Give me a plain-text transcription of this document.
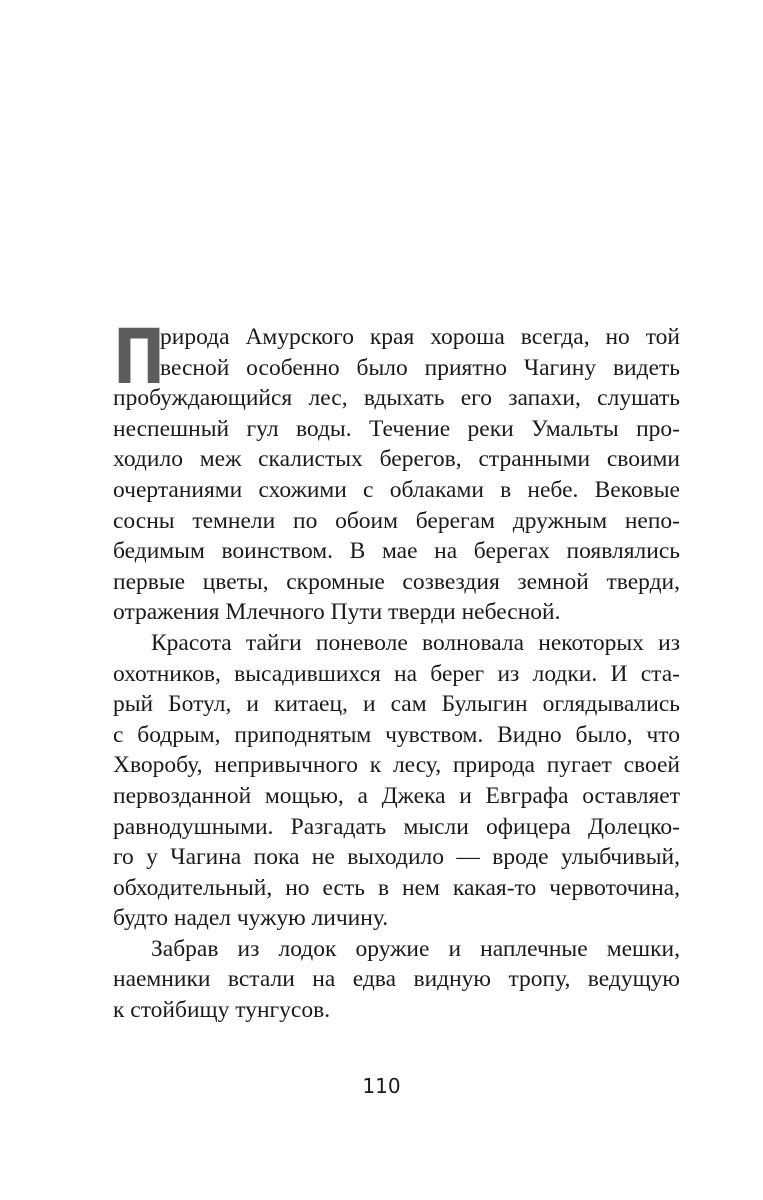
П
рирода Амурского края хороша всегда, но той
весной особенно было приятно Чагину видеть
пробуждающийся лес, вдыхать его запахи, слушать
неспешный гул воды. Течение реки Умальты про-
ходило меж скалистых берегов, странными своими
очертаниями схожими с облаками в небе. Вековые
сосны темнели по обоим берегам дружным непо-
бедимым воинством. В мае на берегах появлялись
первые цветы, скромные созвездия земной тверди,
отражения Млечного Пути тверди небесной.
Красота тайги поневоле волновала некоторых из
охотников, высадившихся на берег из лодки. И ста-
рый Ботул, и китаец, и сам Булыгин оглядывались
с бодрым, приподнятым чувством. Видно было, что
Хворобу, непривычного к лесу, природа пугает своей
первозданной мощью, а Джека и Евграфа оставляет
равнодушными. Разгадать мысли офицера Долецко-
го у Чагина пока не выходило — вроде улыбчивый,
обходительный, но есть в нем какая-то червоточина,
будто надел чужую личину.
Забрав из лодок оружие и наплечные мешки,
наемники встали на едва видную тропу, ведущую
к стойбищу тунгусов.
110
